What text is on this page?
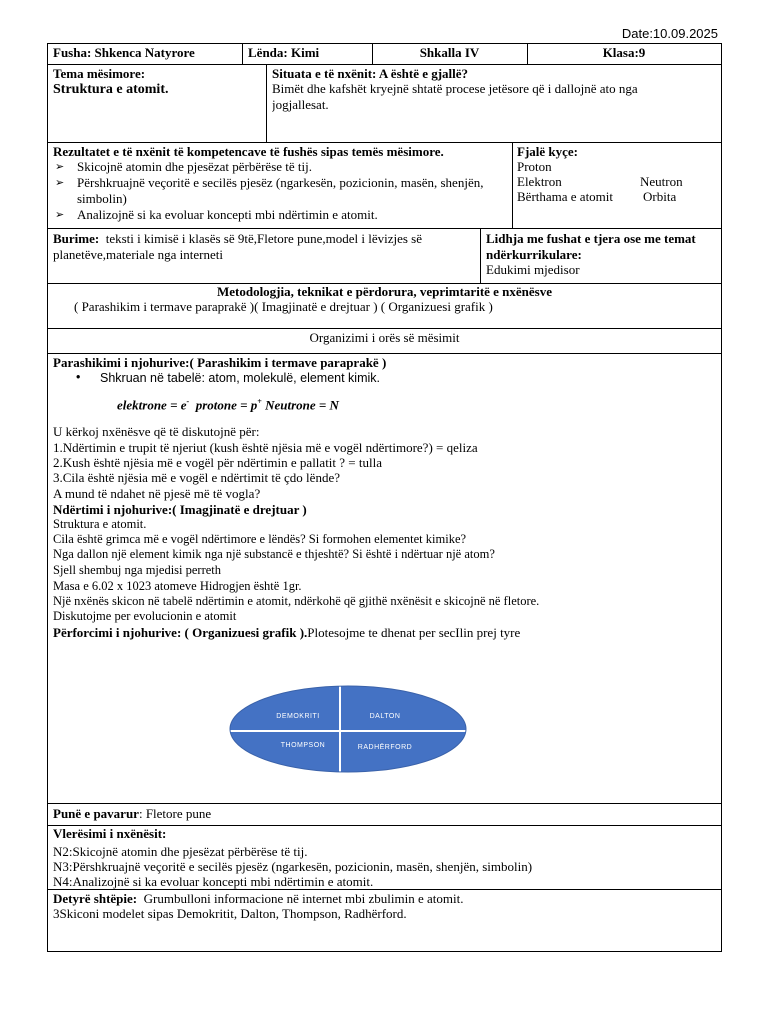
Date:10.09.2025
Fusha: Shkenca Natyrore	Lënda: Kimi	Shkalla IV	Klasa:9
Tema mësimore:
Struktura e atomit.
Situata e të nxënit: A është e gjallë?
Bimët dhe kafshët kryejnë shtatë procese jetësore që i dallojnë ato nga jogjallesat.
Rezultatet e të nxënit të kompetencave të fushës sipas temës mësimore.
➢ Skicojnë atomin dhe pjesëzat përbërëse të tij.
➢ Përshkruajnë veçoritë e secilës pjesëz (ngarkesën, pozicionin, masën, shenjën, simbolin)
➢ Analizojnë si ka evoluar koncepti mbi ndërtimin e atomit.
Fjalë kyçe:
Proton
Elektron	Neutron
Bërthama e atomit Orbita
Burime: teksti i kimisë i klasës së 9të,Fletore pune,model i lëvizjes së planetëve,materiale nga interneti
Lidhja me fushat e tjera ose me temat ndërkurrikulare:
Edukimi mjedisor
Metodologjia, teknikat e përdorura, veprimtaritë e nxënësve
( Parashikim i termave paraprakë )( Imagjinatë e drejtuar ) ( Organizuesi grafik )
Organizimi i orës së mësimit
Parashikimi i njohurive:( Parashikim i termave paraprakë )
• Shkruan në tabelë: atom, molekulë, element kimik.
elektrone = e- protone = p+ Neutrone = N
U kërkoj nxënësve që të diskutojnë për:
1.Ndërtimin e trupit të njeriut (kush është njësia më e vogël ndërtimore?) = qeliza
2.Kush është njësia më e vogël për ndërtimin e pallatit ? = tulla
3.Cila është njësia më e vogël e ndërtimit të çdo lënde?
A mund të ndahet në pjesë më të vogla?
Ndërtimi i njohurive:( Imagjinatë e drejtuar )
Struktura e atomit.
Cila është grimca më e vogël ndërtimore e lëndës? Si formohen elementet kimike?
Nga dallon një element kimik nga një substancë e thjeshtë? Si është i ndërtuar një atom?
Sjell shembuj nga mjedisi perreth
Masa e 6.02 x 1023 atomeve Hidrogjen është 1gr.
Një nxënës skicon në tabelë ndërtimin e atomit, ndërkohë që gjithë nxënësit e skicojnë në fletore.
Diskutojme per evolucionin e atomit
Përforcimi i njohurive: ( Organizuesi grafik ).Plotesojme te dhenat per secIlin prej tyre
DEMOKRITI	DALTON
THOMPSON	RADHËRFORD
Punë e pavarur: Fletore pune
Vlerësimi i nxënësit:
N2:Skicojnë atomin dhe pjesëzat përbërëse të tij.
N3:Përshkruajnë veçoritë e secilës pjesëz (ngarkesën, pozicionin, masën, shenjën, simbolin)
N4:Analizojnë si ka evoluar koncepti mbi ndërtimin e atomit.
Detyrë shtëpie: Grumbulloni informacione në internet mbi zbulimin e atomit.
3Skiconi modelet sipas Demokritit, Dalton, Thompson, Radhërford.
